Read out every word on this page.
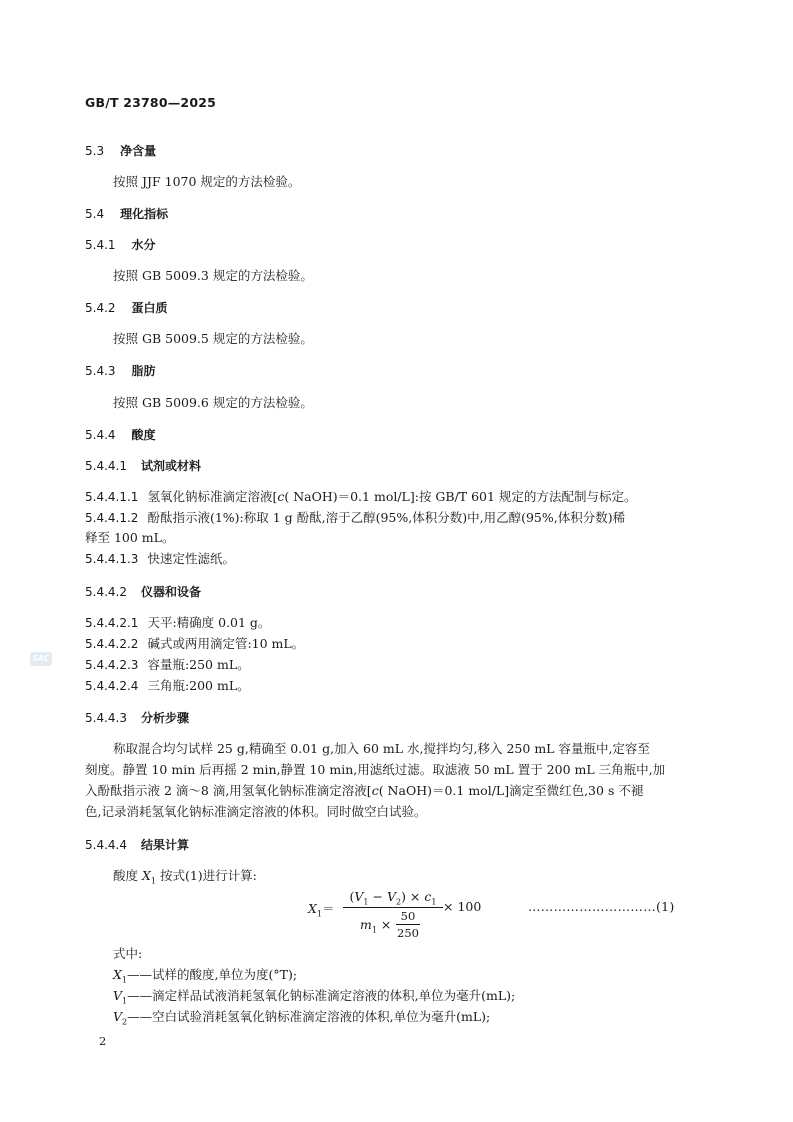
GB/T 23780—2025
5.3 净含量
按照 JJF 1070 规定的方法检验。
5.4 理化指标
5.4.1 水分
按照 GB 5009.3 规定的方法检验。
5.4.2 蛋白质
按照 GB 5009.5 规定的方法检验。
5.4.3 脂肪
按照 GB 5009.6 规定的方法检验。
5.4.4 酸度
5.4.4.1 试剂或材料
5.4.4.1.1 氢氧化钠标准滴定溶液[c( NaOH)＝0.1 mol/L]:按 GB/T 601 规定的方法配制与标定。
5.4.4.1.2 酚酞指示液(1%):称取 1 g 酚酞,溶于乙醇(95%,体积分数)中,用乙醇(95%,体积分数)稀
释至 100 mL。
5.4.4.1.3 快速定性滤纸。
5.4.4.2 仪器和设备
5.4.4.2.1 天平:精确度 0.01 g。
5.4.4.2.2 碱式或两用滴定管:10 mL。
5.4.4.2.3 容量瓶:250 mL。
5.4.4.2.4 三角瓶:200 mL。
SAC
5.4.4.3 分析步骤
称取混合均匀试样 25 g,精确至 0.01 g,加入 60 mL 水,搅拌均匀,移入 250 mL 容量瓶中,定容至
刻度。静置 10 min 后再摇 2 min,静置 10 min,用滤纸过滤。取滤液 50 mL 置于 200 mL 三角瓶中,加
入酚酞指示液 2 滴～8 滴,用氢氧化钠标准滴定溶液[c( NaOH)＝0.1 mol/L]滴定至微红色,30 s 不褪
色,记录消耗氢氧化钠标准滴定溶液的体积。同时做空白试验。
5.4.4.4 结果计算
酸度 $X_1$ 按式(1)进行计算:
$X_1=$
$(V_1 - V_2) \times c_1$
$m_1$ ×
50
250
× 100	…………………………(1)
式中:
$X_1——$试样的酸度,单位为度(°T);
$V_1——$滴定样品试液消耗氢氧化钠标准滴定溶液的体积,单位为毫升(mL);
$V_2——$空白试验消耗氢氧化钠标准滴定溶液的体积,单位为毫升(mL);
2
